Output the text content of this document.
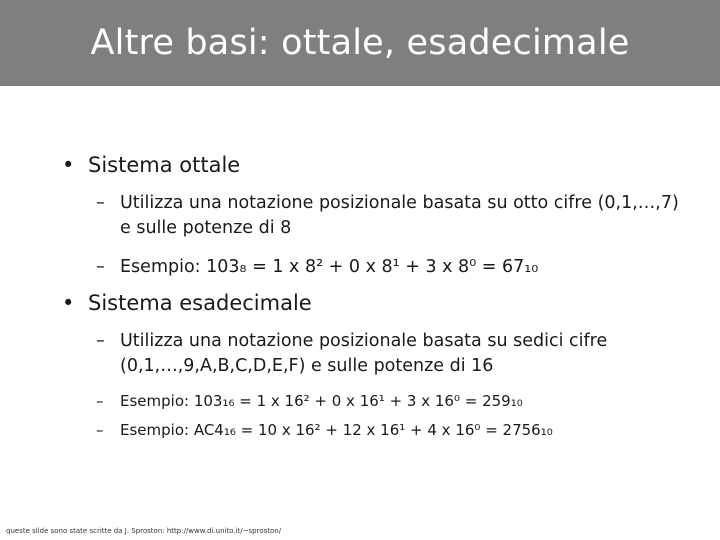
Altre basi: ottale, esadecimale
• Sistema ottale
– Utilizza una notazione posizionale basata su otto cifre (0,1,…,7) e sulle potenze di 8
– Esempio: 103₈ = 1 x 8² + 0 x 8¹ + 3 x 8⁰ = 67₁₀
• Sistema esadecimale
– Utilizza una notazione posizionale basata su sedici cifre (0,1,…,9,A,B,C,D,E,F) e sulle potenze di 16
– Esempio: 103₁₆ = 1 x 16² + 0 x 16¹ + 3 x 16⁰ = 259₁₀
– Esempio: AC4₁₆ = 10 x 16² + 12 x 16¹ + 4 x 16⁰ = 2756₁₀
queste slide sono state scritte da J. Sproston: http://www.di.unito.it/~sproston/
